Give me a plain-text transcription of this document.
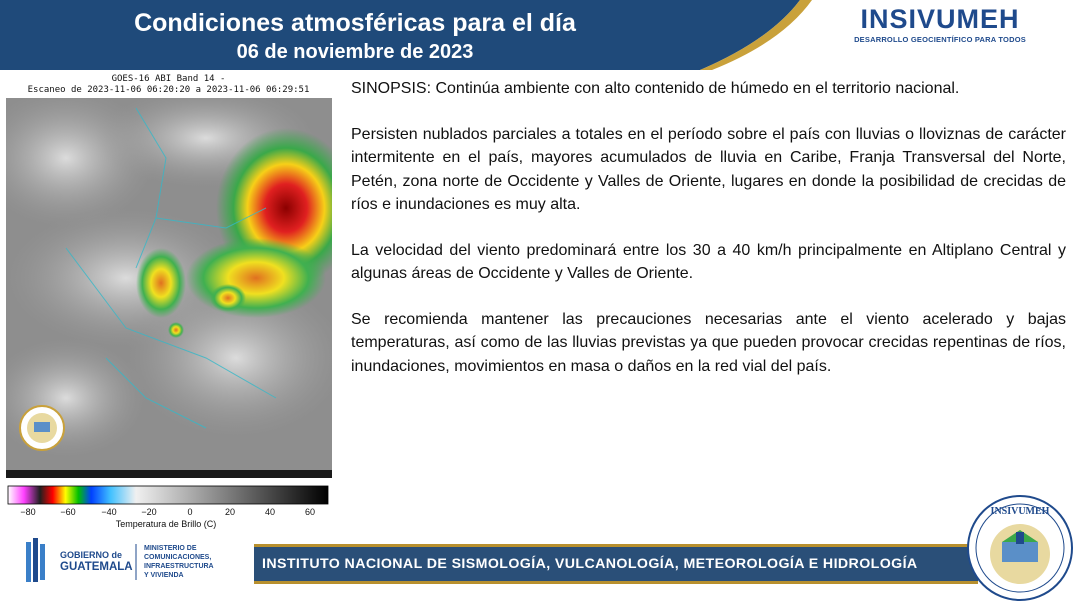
Condiciones atmosféricas para el día
06 de noviembre de 2023
INSIVUMEH
DESARROLLO GEOCIENTÍFICO PARA TODOS
GOES-16 ABI Band 14 -
Escaneo de 2023-11-06 06:20:20 a 2023-11-06 06:29:51
−80	−60	−40	−20	0	20	40	60
Temperatura de Brillo (C)

SINOPSIS: Continúa ambiente con alto contenido de húmedo en el territorio nacional.

Persisten nublados parciales a totales en el período sobre el país con lluvias o lloviznas de carácter intermitente en el país, mayores acumulados de lluvia en Caribe, Franja Transversal del Norte, Petén, zona norte de Occidente y Valles de Oriente, lugares en donde la posibilidad de crecidas de ríos e inundaciones es muy alta.

La velocidad del viento predominará entre los 30 a 40 km/h principalmente en Altiplano Central y algunas áreas de Occidente y Valles de Oriente.

Se recomienda mantener las precauciones necesarias ante el viento acelerado y bajas temperaturas, así como de las lluvias previstas ya que pueden provocar crecidas repentinas de ríos, inundaciones, movimientos en masa o daños en la red vial del país.

GOBIERNO de
GUATEMALA
MINISTERIO DE
COMUNICACIONES,
INFRAESTRUCTURA
Y VIVIENDA
INSTITUTO NACIONAL DE SISMOLOGÍA, VULCANOLOGÍA, METEOROLOGÍA E HIDROLOGÍA
INSIVUMEH
